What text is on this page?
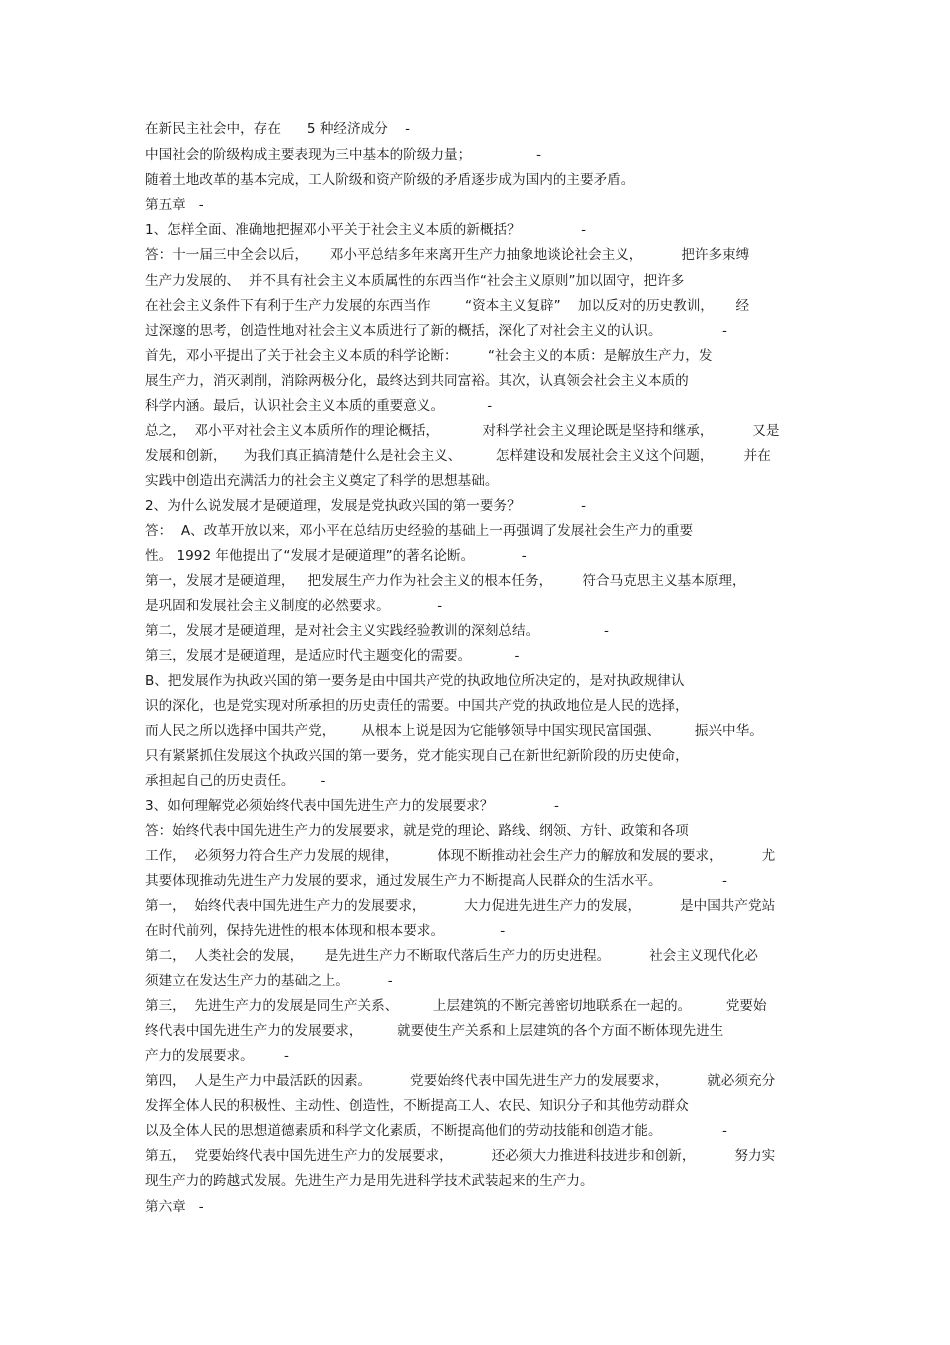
在新民主社会中，存在      5 种经济成分    -
中国社会的阶级构成主要表现为三中基本的阶级力量；               -
随着土地改革的基本完成，工人阶级和资产阶级的矛盾逐步成为国内的主要矛盾。
第五章   -
1、怎样全面、准确地把握邓小平关于社会主义本质的新概括？              -
答：十一届三中全会以后，     邓小平总结多年来离开生产力抽象地谈论社会主义，         把许多束缚
生产力发展的、  并不具有社会主义本质属性的东西当作“社会主义原则”加以固守，把许多
在社会主义条件下有利于生产力发展的东西当作        “资本主义复辟”    加以反对的历史教训，     经
过深邃的思考，创造性地对社会主义本质进行了新的概括，深化了对社会主义的认识。              -
首先，邓小平提出了关于社会主义本质的科学论断：       “社会主义的本质：是解放生产力，发
展生产力，消灭剥削，消除两极分化，最终达到共同富裕。其次，认真领会社会主义本质的
科学内涵。最后，认识社会主义本质的重要意义。          -
总之，  邓小平对社会主义本质所作的理论概括，          对科学社会主义理论既是坚持和继承，         又是
发展和创新，    为我们真正搞清楚什么是社会主义、        怎样建设和发展社会主义这个问题，       并在
实践中创造出充满活力的社会主义奠定了科学的思想基础。
2、为什么说发展才是硬道理，发展是党执政兴国的第一要务？              -
答：  A、改革开放以来，邓小平在总结历史经验的基础上一再强调了发展社会生产力的重要
性。 1992 年他提出了“发展才是硬道理”的著名论断。           -
第一，发展才是硬道理，   把发展生产力作为社会主义的根本任务，       符合马克思主义基本原理，
是巩固和发展社会主义制度的必然要求。           -
第二，发展才是硬道理，是对社会主义实践经验教训的深刻总结。               -
第三，发展才是硬道理，是适应时代主题变化的需要。          -
B、把发展作为执政兴国的第一要务是由中国共产党的执政地位所决定的，是对执政规律认
识的深化，也是党实现对所承担的历史责任的需要。中国共产党的执政地位是人民的选择，
而人民之所以选择中国共产党，      从根本上说是因为它能够领导中国实现民富国强、        振兴中华。
只有紧紧抓住发展这个执政兴国的第一要务，党才能实现自己在新世纪新阶段的历史使命，
承担起自己的历史责任。      -
3、如何理解党必须始终代表中国先进生产力的发展要求？              -
答：始终代表中国先进生产力的发展要求，就是党的理论、路线、纲领、方针、政策和各项
工作，  必须努力符合生产力发展的规律，         体现不断推动社会生产力的解放和发展的要求，         尤
其要体现推动先进生产力发展的要求，通过发展生产力不断提高人民群众的生活水平。              -
第一，  始终代表中国先进生产力的发展要求，         大力促进先进生产力的发展，         是中国共产党站
在时代前列，保持先进性的根本体现和根本要求。             -
第二，  人类社会的发展，     是先进生产力不断取代落后生产力的历史进程。         社会主义现代化必
须建立在发达生产力的基础之上。         -
第三，  先进生产力的发展是同生产关系、        上层建筑的不断完善密切地联系在一起的。        党要始
终代表中国先进生产力的发展要求，        就要使生产关系和上层建筑的各个方面不断体现先进生
产力的发展要求。       -
第四，  人是生产力中最活跃的因素。         党要始终代表中国先进生产力的发展要求，         就必须充分
发挥全体人民的积极性、主动性、创造性，不断提高工人、农民、知识分子和其他劳动群众
以及全体人民的思想道德素质和科学文化素质，不断提高他们的劳动技能和创造才能。              -
第五，  党要始终代表中国先进生产力的发展要求，         还必须大力推进科技进步和创新，         努力实
现生产力的跨越式发展。先进生产力是用先进科学技术武装起来的生产力。
第六章   -
